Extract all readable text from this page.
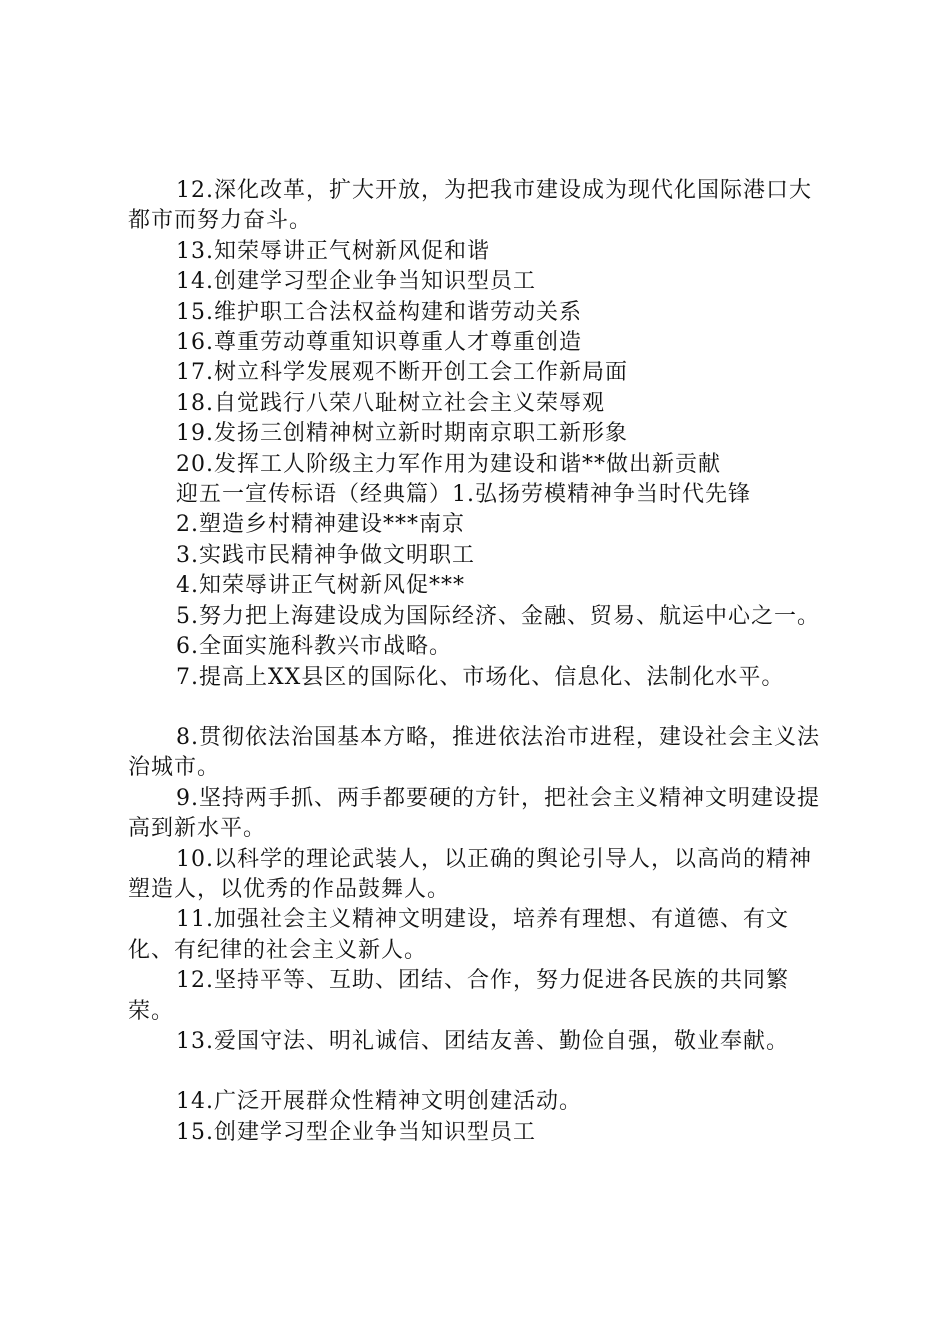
12.深化改革，扩大开放，为把我市建设成为现代化国际港口大都市而努力奋斗。

13.知荣辱讲正气树新风促和谐

14.创建学习型企业争当知识型员工

15.维护职工合法权益构建和谐劳动关系

16.尊重劳动尊重知识尊重人才尊重创造

17.树立科学发展观不断开创工会工作新局面

18.自觉践行八荣八耻树立社会主义荣辱观

19.发扬三创精神树立新时期南京职工新形象

20.发挥工人阶级主力军作用为建设和谐**做出新贡献

迎五一宣传标语（经典篇）1.弘扬劳模精神争当时代先锋

2.塑造乡村精神建设***南京

3.实践市民精神争做文明职工

4.知荣辱讲正气树新风促***

5.努力把上海建设成为国际经济、金融、贸易、航运中心之一。

6.全面实施科教兴市战略。

7.提高上XX县区的国际化、市场化、信息化、法制化水平。

8.贯彻依法治国基本方略，推进依法治市进程，建设社会主义法治城市。

9.坚持两手抓、两手都要硬的方针，把社会主义精神文明建设提高到新水平。

10.以科学的理论武装人，以正确的舆论引导人，以高尚的精神塑造人，以优秀的作品鼓舞人。

11.加强社会主义精神文明建设，培养有理想、有道德、有文化、有纪律的社会主义新人。

12.坚持平等、互助、团结、合作，努力促进各民族的共同繁荣。

13.爱国守法、明礼诚信、团结友善、勤俭自强，敬业奉献。

14.广泛开展群众性精神文明创建活动。

15.创建学习型企业争当知识型员工
